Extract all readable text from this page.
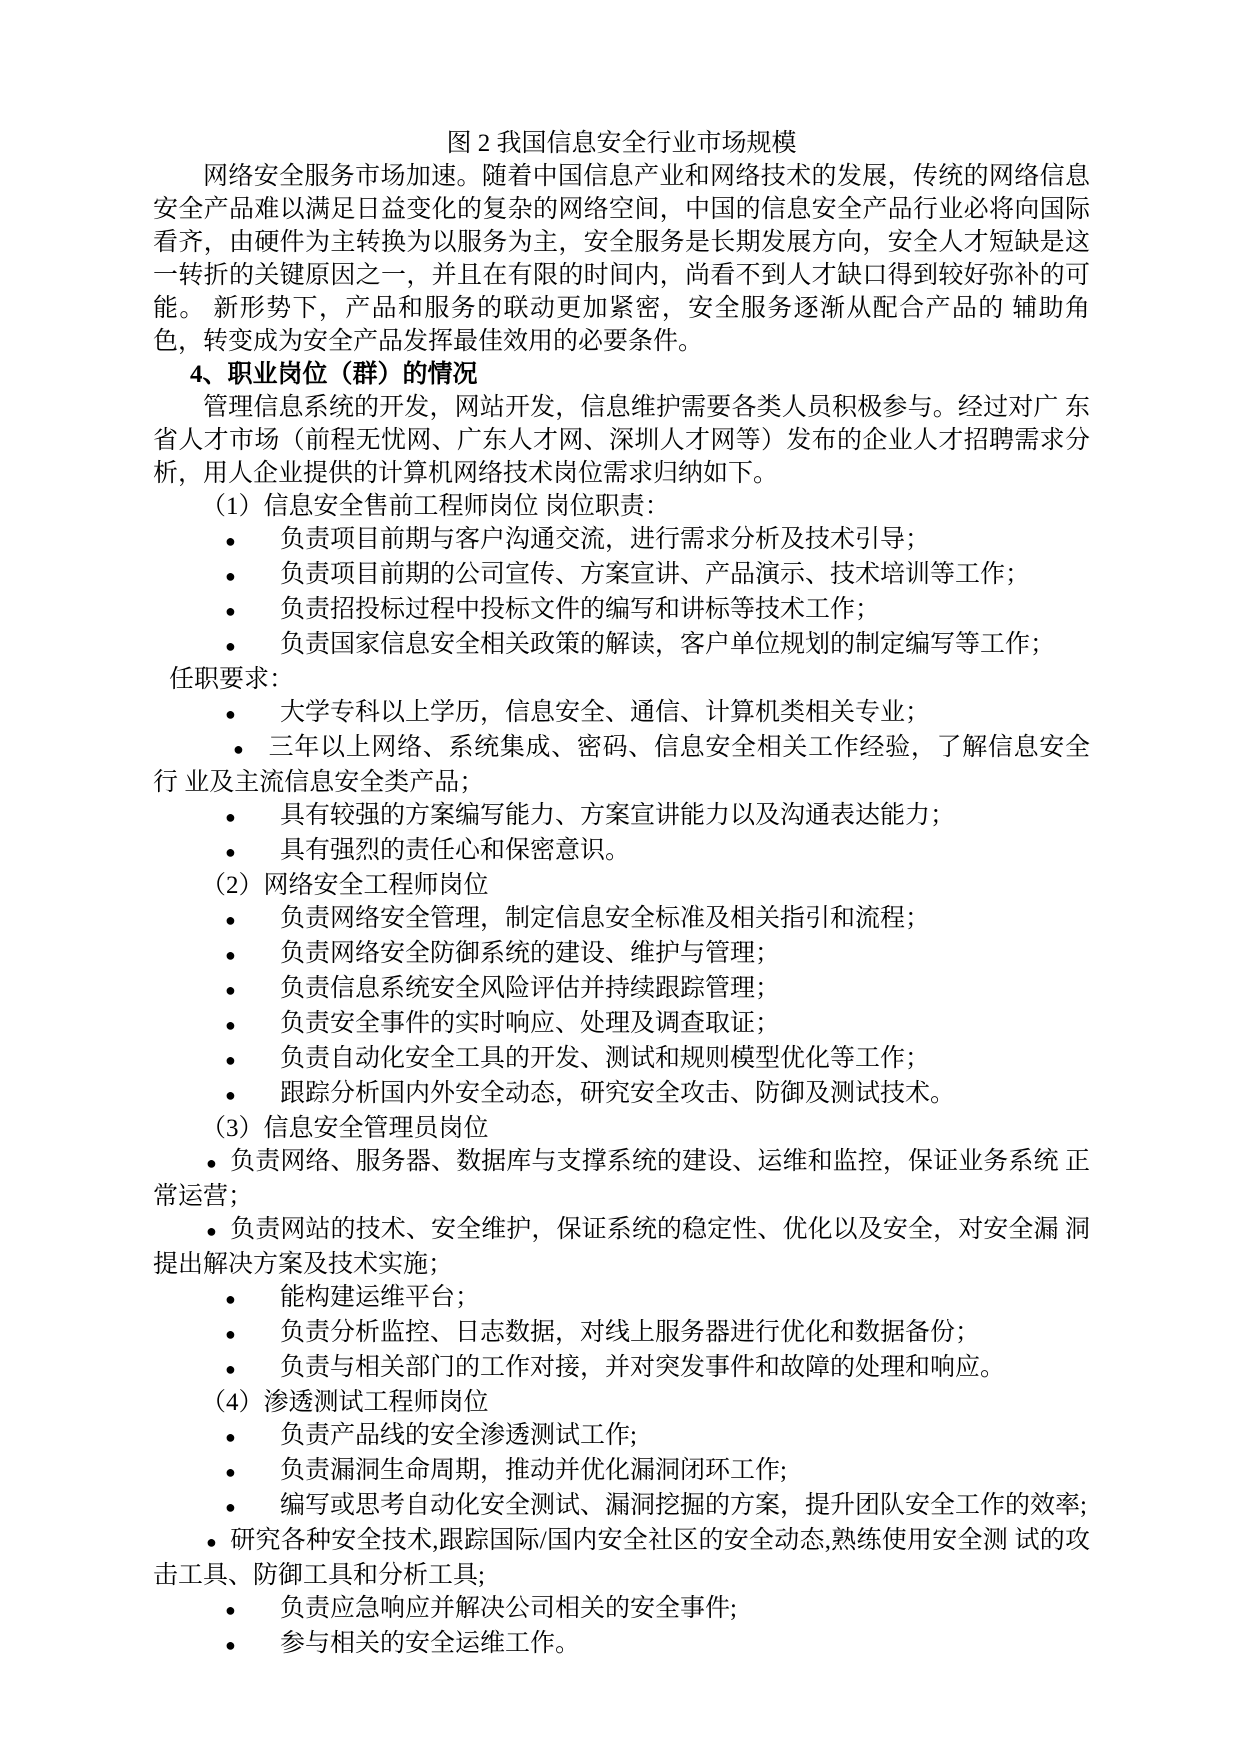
图 2 我国信息安全行业市场规模
网络安全服务市场加速。随着中国信息产业和网络技术的发展，传统的网络信息安全产品难以满足日益变化的复杂的网络空间，中国的信息安全产品行业必将向国际看齐，由硬件为主转换为以服务为主，安全服务是长期发展方向，安全人才短缺是这一转折的关键原因之一，并且在有限的时间内，尚看不到人才缺口得到较好弥补的可能。 新形势下，产品和服务的联动更加紧密，安全服务逐渐从配合产品的 辅助角色，转变成为安全产品发挥最佳效用的必要条件。
4、职业岗位（群）的情况
管理信息系统的开发，网站开发，信息维护需要各类人员积极参与。经过对广 东省人才市场（前程无忧网、广东人才网、深圳人才网等）发布的企业人才招聘需求分析，用人企业提供的计算机网络技术岗位需求归纳如下。
（1）信息安全售前工程师岗位 岗位职责：
● 负责项目前期与客户沟通交流，进行需求分析及技术引导；
● 负责项目前期的公司宣传、方案宣讲、产品演示、技术培训等工作；
● 负责招投标过程中投标文件的编写和讲标等技术工作；
● 负责国家信息安全相关政策的解读，客户单位规划的制定编写等工作；
任职要求：
● 大学专科以上学历，信息安全、通信、计算机类相关专业；
● 三年以上网络、系统集成、密码、信息安全相关工作经验，了解信息安全行 业及主流信息安全类产品；
● 具有较强的方案编写能力、方案宣讲能力以及沟通表达能力；
● 具有强烈的责任心和保密意识。
（2）网络安全工程师岗位
● 负责网络安全管理，制定信息安全标准及相关指引和流程；
● 负责网络安全防御系统的建设、维护与管理；
● 负责信息系统安全风险评估并持续跟踪管理；
● 负责安全事件的实时响应、处理及调查取证；
● 负责自动化安全工具的开发、测试和规则模型优化等工作；
● 跟踪分析国内外安全动态，研究安全攻击、防御及测试技术。
（3）信息安全管理员岗位
● 负责网络、服务器、数据库与支撑系统的建设、运维和监控，保证业务系统 正常运营；
● 负责网站的技术、安全维护，保证系统的稳定性、优化以及安全，对安全漏 洞提出解决方案及技术实施；
● 能构建运维平台；
● 负责分析监控、日志数据，对线上服务器进行优化和数据备份；
● 负责与相关部门的工作对接，并对突发事件和故障的处理和响应。
（4）渗透测试工程师岗位
● 负责产品线的安全渗透测试工作;
● 负责漏洞生命周期，推动并优化漏洞闭环工作;
● 编写或思考自动化安全测试、漏洞挖掘的方案，提升团队安全工作的效率;
● 研究各种安全技术,跟踪国际/国内安全社区的安全动态,熟练使用安全测 试的攻击工具、防御工具和分析工具;
● 负责应急响应并解决公司相关的安全事件;
● 参与相关的安全运维工作。
